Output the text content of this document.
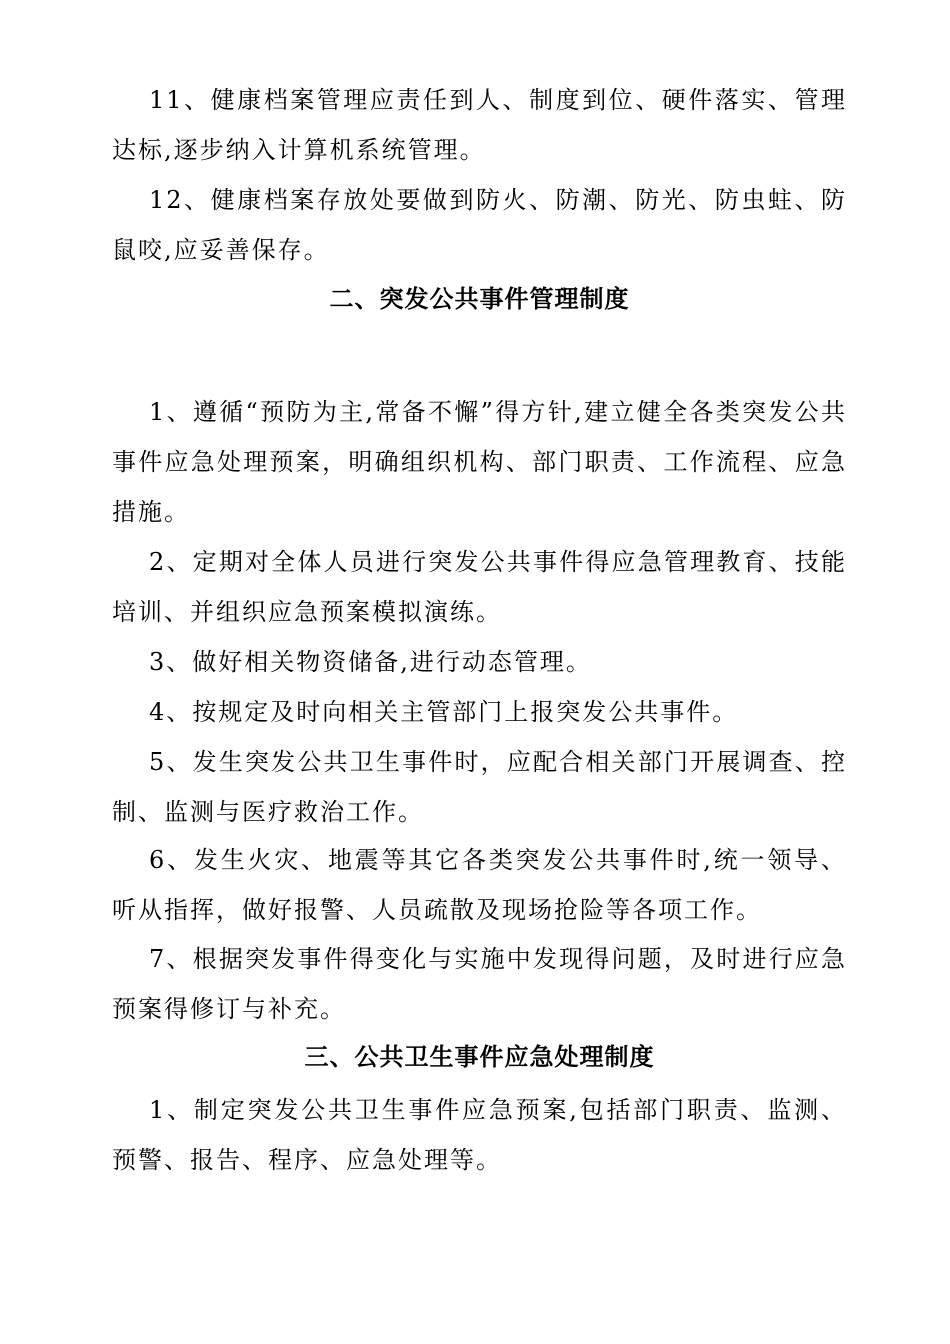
11、健康档案管理应责任到人、制度到位、硬件落实、管理达标,逐步纳入计算机系统管理。

12、健康档案存放处要做到防火、防潮、防光、防虫蛀、防鼠咬,应妥善保存。

二、突发公共事件管理制度

1、遵循“预防为主,常备不懈”得方针,建立健全各类突发公共事件应急处理预案，明确组织机构、部门职责、工作流程、应急措施。

2、定期对全体人员进行突发公共事件得应急管理教育、技能培训、并组织应急预案模拟演练。

3、做好相关物资储备,进行动态管理。

4、按规定及时向相关主管部门上报突发公共事件。

5、发生突发公共卫生事件时，应配合相关部门开展调查、控制、监测与医疗救治工作。

6、发生火灾、地震等其它各类突发公共事件时,统一领导、听从指挥，做好报警、人员疏散及现场抢险等各项工作。

7、根据突发事件得变化与实施中发现得问题，及时进行应急预案得修订与补充。

三、公共卫生事件应急处理制度

1、制定突发公共卫生事件应急预案,包括部门职责、监测、预警、报告、程序、应急处理等。
